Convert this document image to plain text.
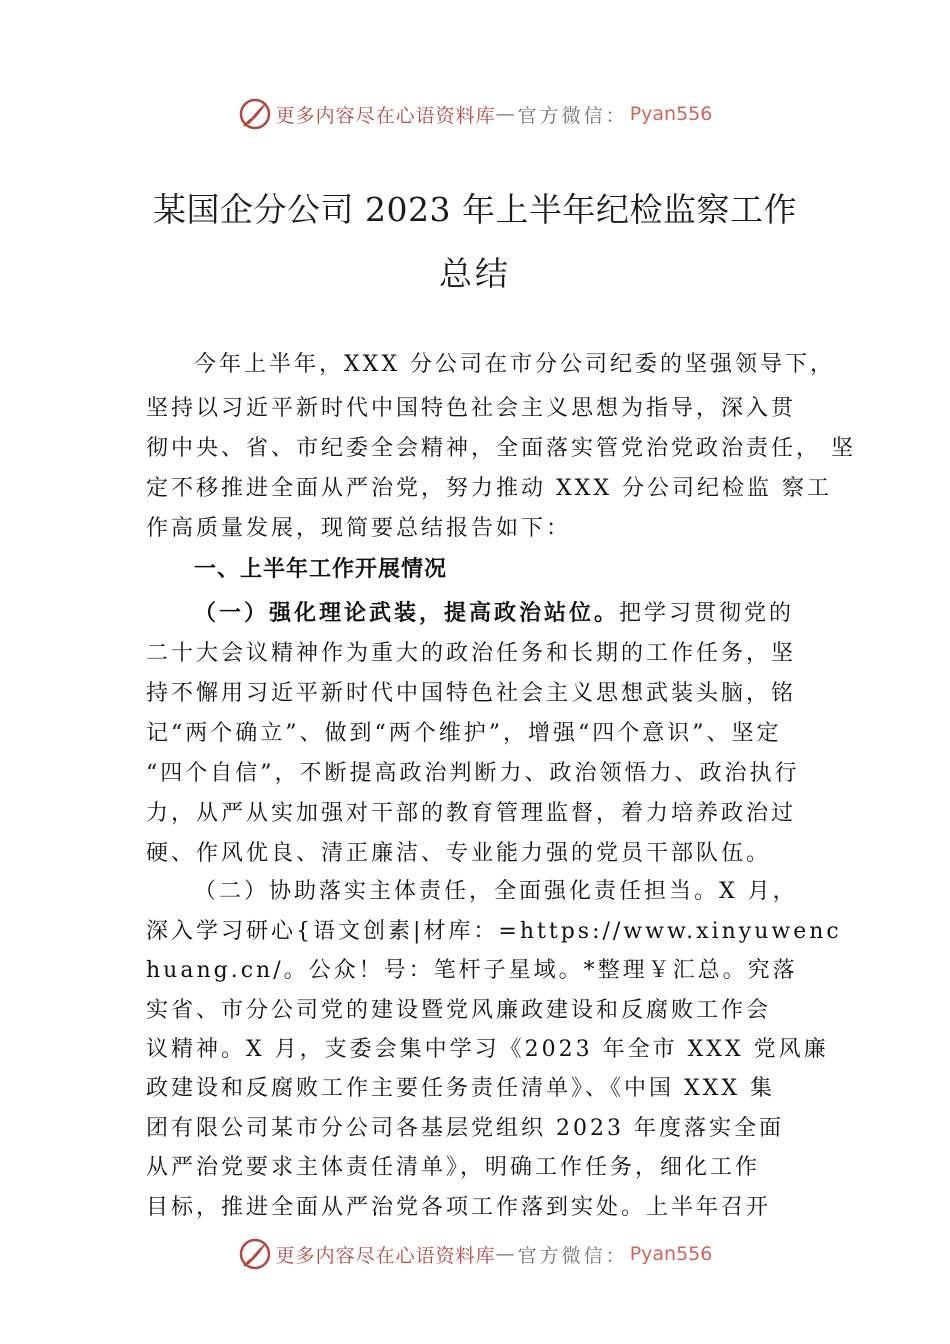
更多内容尽在心语资料库 — 官方微信： Pyan556
某国企分公司 2023 年上半年纪检监察工作
总结
今年上半年，XXX 分公司在市分公司纪委的坚强领导下，
坚持以习近平新时代中国特色社会主义思想为指导，深入贯
彻中央、省、市纪委全会精神，全面落实管党治党政治责任， 坚
定不移推进全面从严治党，努力推动 XXX 分公司纪检监 察工
作高质量发展，现简要总结报告如下：
一、上半年工作开展情况
（一）强化理论武装，提高政治站位。把学习贯彻党的
二十大会议精神作为重大的政治任务和长期的工作任务，坚
持不懈用习近平新时代中国特色社会主义思想武装头脑，铭
记“两个确立”、做到“两个维护”，增强“四个意识”、坚定
“四个自信”，不断提高政治判断力、政治领悟力、政治执行
力，从严从实加强对干部的教育管理监督，着力培养政治过
硬、作风优良、清正廉洁、专业能力强的党员干部队伍。
（二）协助落实主体责任，全面强化责任担当。X 月，
深入学习研心{语文创素|材库：=https://www.xinyuwenc
huang.cn/。公众！号：笔杆子星域。*整理￥汇总。究落
实省、市分公司党的建设暨党风廉政建设和反腐败工作会
议精神。X 月，支委会集中学习《2023 年全市 XXX 党风廉
政建设和反腐败工作主要任务责任清单》、《中国 XXX 集
团有限公司某市分公司各基层党组织 2023 年度落实全面
从严治党要求主体责任清单》，明确工作任务，细化工作
目标，推进全面从严治党各项工作落到实处。上半年召开
更多内容尽在心语资料库 — 官方微信： Pyan556
